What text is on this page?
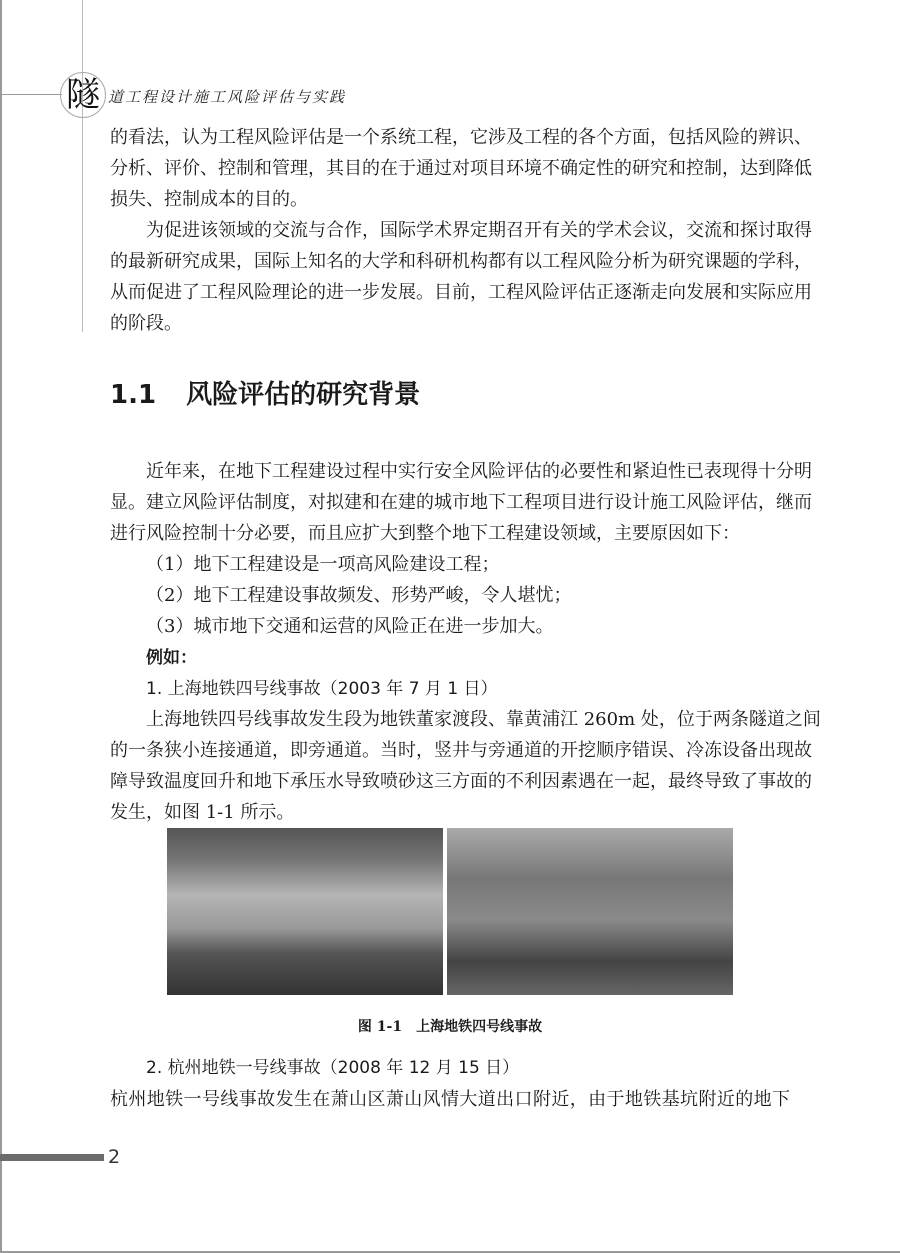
隧 道工程设计施工风险评估与实践
的看法，认为工程风险评估是一个系统工程，它涉及工程的各个方面，包括风险的辨识、
分析、评价、控制和管理，其目的在于通过对项目环境不确定性的研究和控制，达到降低
损失、控制成本的目的。
为促进该领域的交流与合作，国际学术界定期召开有关的学术会议，交流和探讨取得
的最新研究成果，国际上知名的大学和科研机构都有以工程风险分析为研究课题的学科，
从而促进了工程风险理论的进一步发展。目前，工程风险评估正逐渐走向发展和实际应用
的阶段。
1.1 风险评估的研究背景
近年来，在地下工程建设过程中实行安全风险评估的必要性和紧迫性已表现得十分明
显。建立风险评估制度，对拟建和在建的城市地下工程项目进行设计施工风险评估，继而
进行风险控制十分必要，而且应扩大到整个地下工程建设领域，主要原因如下：
（1）地下工程建设是一项高风险建设工程；
（2）地下工程建设事故频发、形势严峻，令人堪忧；
（3）城市地下交通和运营的风险正在进一步加大。
例如：
1. 上海地铁四号线事故（2003 年 7 月 1 日）
上海地铁四号线事故发生段为地铁董家渡段、靠黄浦江 260m 处，位于两条隧道之间
的一条狭小连接通道，即旁通道。当时，竖井与旁通道的开挖顺序错误、冷冻设备出现故
障导致温度回升和地下承压水导致喷砂这三方面的不利因素遇在一起，最终导致了事故的
发生，如图 1-1 所示。
图 1-1 上海地铁四号线事故
2. 杭州地铁一号线事故（2008 年 12 月 15 日）
杭州地铁一号线事故发生在萧山区萧山风情大道出口附近，由于地铁基坑附近的地下
2
